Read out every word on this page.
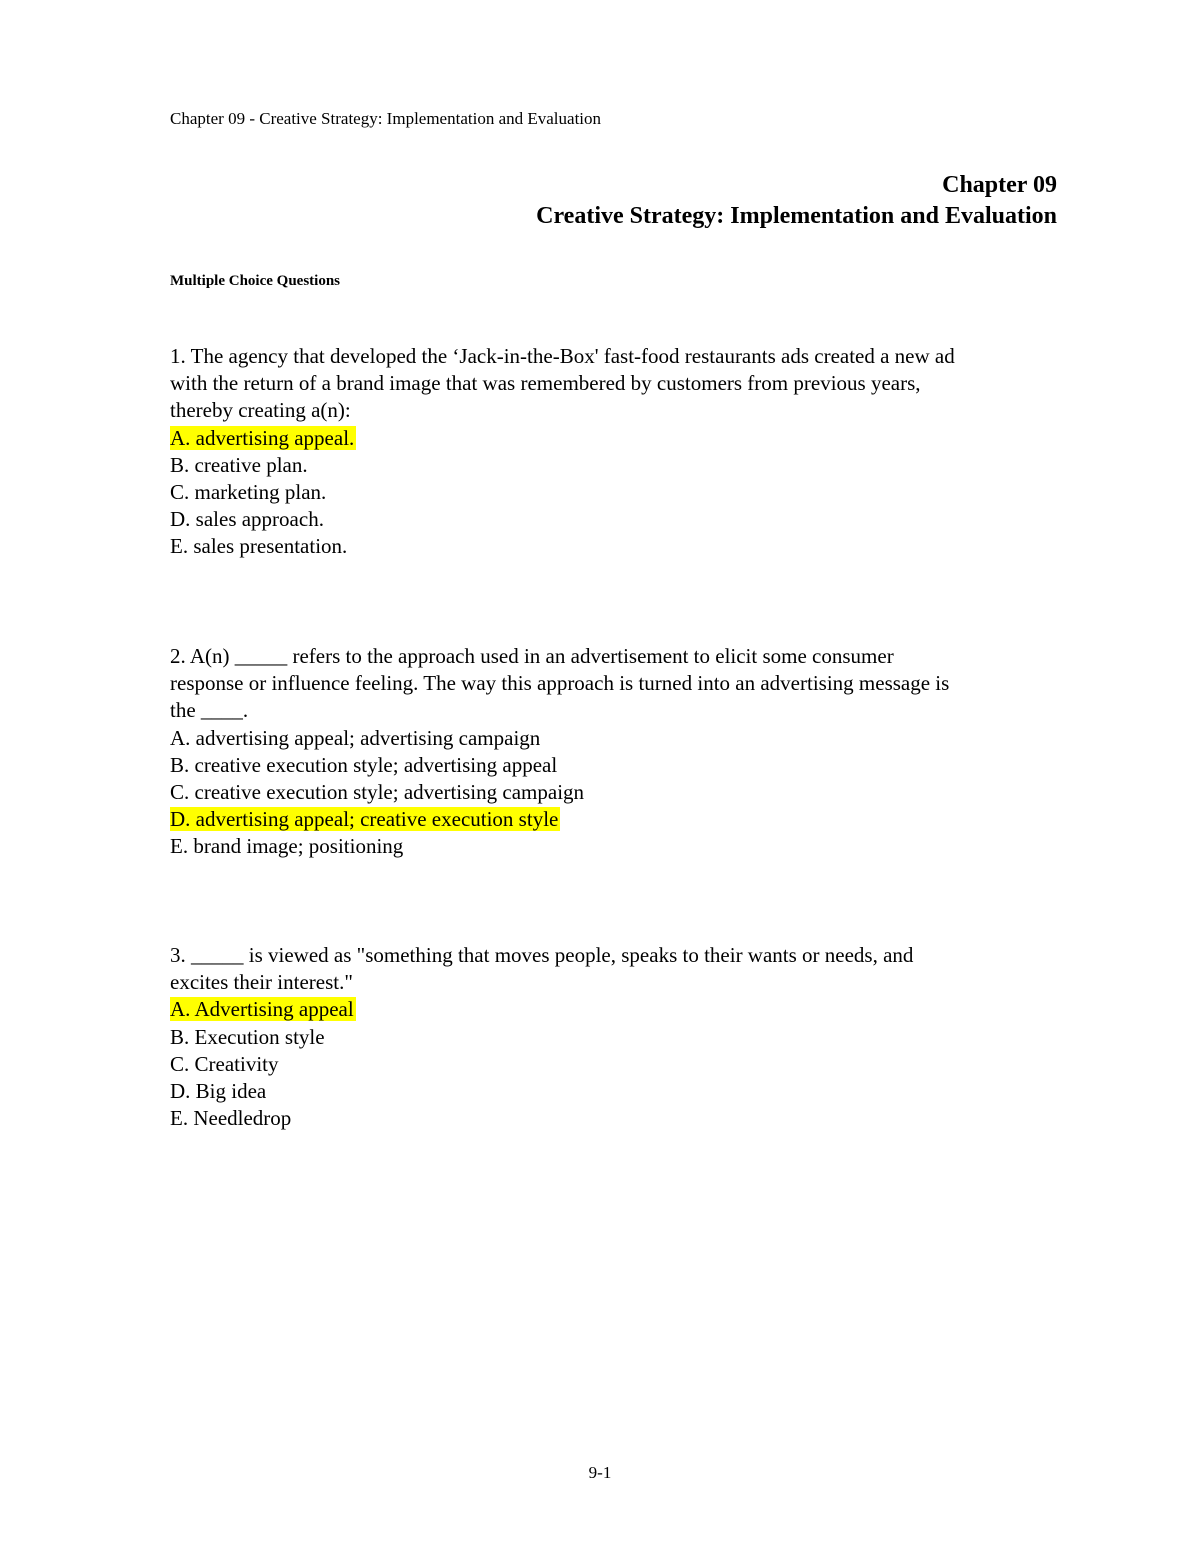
Chapter 09 - Creative Strategy: Implementation and Evaluation
Chapter 09
Creative Strategy: Implementation and Evaluation
Multiple Choice Questions
1. The agency that developed the ‘Jack-in-the-Box' fast-food restaurants ads created a new ad
with the return of a brand image that was remembered by customers from previous years,
thereby creating a(n):
A. advertising appeal.
B. creative plan.
C. marketing plan.
D. sales approach.
E. sales presentation.
2. A(n) _____ refers to the approach used in an advertisement to elicit some consumer
response or influence feeling. The way this approach is turned into an advertising message is
the ____.
A. advertising appeal; advertising campaign
B. creative execution style; advertising appeal
C. creative execution style; advertising campaign
D. advertising appeal; creative execution style
E. brand image; positioning
3. _____ is viewed as "something that moves people, speaks to their wants or needs, and
excites their interest."
A. Advertising appeal
B. Execution style
C. Creativity
D. Big idea
E. Needledrop
9-1
